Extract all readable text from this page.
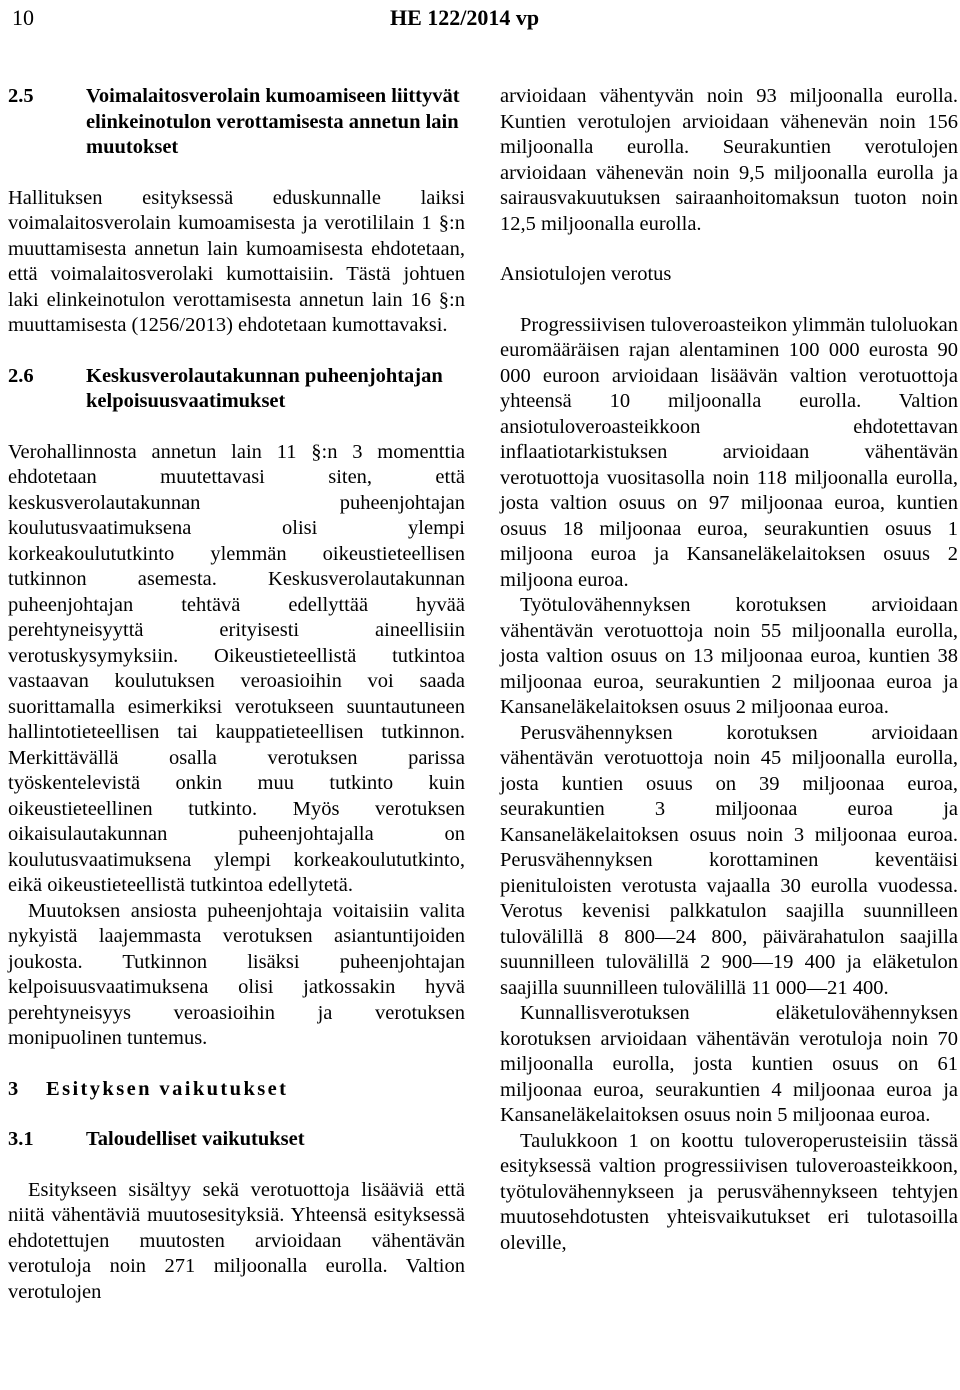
10	HE 122/2014 vp
2.5	Voimalaitosverolain kumoamiseen liittyvät elinkeinotulon verottamisesta annetun lain muutokset

Hallituksen esityksessä eduskunnalle laiksi voimalaitosverolain kumoamisesta ja verotililain 1 §:n muuttamisesta annetun lain kumoamisesta ehdotetaan, että voimalaitosverolaki kumottaisiin. Tästä johtuen laki elinkeinotulon verottamisesta annetun lain 16 §:n muuttamisesta (1256/2013) ehdotetaan kumottavaksi.

2.6	Keskusverolautakunnan puheenjohtajan kelpoisuusvaatimukset

Verohallinnosta annetun lain 11 §:n 3 momenttia ehdotetaan muutettavasi siten, että keskusverolautakunnan puheenjohtajan koulutusvaatimuksena olisi ylempi korkeakoulututkinto ylemmän oikeustieteellisen tutkinnon asemesta. Keskusverolautakunnan puheenjohtajan tehtävä edellyttää hyvää perehtyneisyyttä erityisesti aineellisiin verotuskysymyksiin. Oikeustieteellistä tutkintoa vastaavan koulutuksen veroasioihin voi saada suorittamalla esimerkiksi verotukseen suuntautuneen hallintotieteellisen tai kauppatieteellisen tutkinnon. Merkittävällä osalla verotuksen parissa työskentelevistä onkin muu tutkinto kuin oikeustieteellinen tutkinto. Myös verotuksen oikaisulautakunnan puheenjohtajalla on koulutusvaatimuksena ylempi korkeakoulututkinto, eikä oikeustieteellistä tutkintoa edellytetä.

Muutoksen ansiosta puheenjohtaja voitaisiin valita nykyistä laajemmasta verotuksen asiantuntijoiden joukosta. Tutkinnon lisäksi puheenjohtajan kelpoisuusvaatimuksena olisi jatkossakin hyvä perehtyneisyys veroasioihin ja verotuksen monipuolinen tuntemus.

3 Esityksen vaikutukset
3.1	Taloudelliset vaikutukset

Esitykseen sisältyy sekä verotuottoja lisääviä että niitä vähentäviä muutosesityksiä. Yhteensä esityksessä ehdotettujen muutosten arvioidaan vähentävän verotuloja noin 271 miljoonalla eurolla. Valtion verotulojen

arvioidaan vähentyvän noin 93 miljoonalla eurolla. Kuntien verotulojen arvioidaan vähenevän noin 156 miljoonalla eurolla. Seurakuntien verotulojen arvioidaan vähenevän noin 9,5 miljoonalla eurolla ja sairausvakuutuksen sairaanhoitomaksun tuoton noin 12,5 miljoonalla eurolla.

Ansiotulojen verotus

Progressiivisen tuloveroasteikon ylimmän tuloluokan euromääräisen rajan alentaminen 100 000 eurosta 90 000 euroon arvioidaan lisäävän valtion verotuottoja yhteensä 10 miljoonalla eurolla. Valtion ansiotuloveroasteikkoon ehdotettavan inflaatiotarkistuksen arvioidaan vähentävän verotuottoja vuositasolla noin 118 miljoonalla eurolla, josta valtion osuus on 97 miljoonaa euroa, kuntien osuus 18 miljoonaa euroa, seurakuntien osuus 1 miljoona euroa ja Kansaneläkelaitoksen osuus 2 miljoona euroa.

Työtulovähennyksen korotuksen arvioidaan vähentävän verotuottoja noin 55 miljoonalla eurolla, josta valtion osuus on 13 miljoonaa euroa, kuntien 38 miljoonaa euroa, seurakuntien 2 miljoonaa euroa ja Kansaneläkelaitoksen osuus 2 miljoonaa euroa.

Perusvähennyksen korotuksen arvioidaan vähentävän verotuottoja noin 45 miljoonalla eurolla, josta kuntien osuus on 39 miljoonaa euroa, seurakuntien 3 miljoonaa euroa ja Kansaneläkelaitoksen osuus noin 3 miljoonaa euroa. Perusvähennyksen korottaminen keventäisi pienituloisten verotusta vajaalla 30 eurolla vuodessa. Verotus kevenisi palkkatulon saajilla suunnilleen tulovälillä 8 800—24 800, päivärahatulon saajilla suunnilleen tulovälillä 2 900—19 400 ja eläketulon saajilla suunnilleen tulovälillä 11 000—21 400.

Kunnallisverotuksen eläketulovähennyksen korotuksen arvioidaan vähentävän verotuloja noin 70 miljoonalla eurolla, josta kuntien osuus on 61 miljoonaa euroa, seurakuntien 4 miljoonaa euroa ja Kansaneläkelaitoksen osuus noin 5 miljoonaa euroa.

Taulukkoon 1 on koottu tuloveroperusteisiin tässä esityksessä valtion progressiivisen tuloveroasteikkoon, työtulovähennykseen ja perusvähennykseen tehtyjen muutosehdotusten yhteisvaikutukset eri tulotasoilla oleville,
